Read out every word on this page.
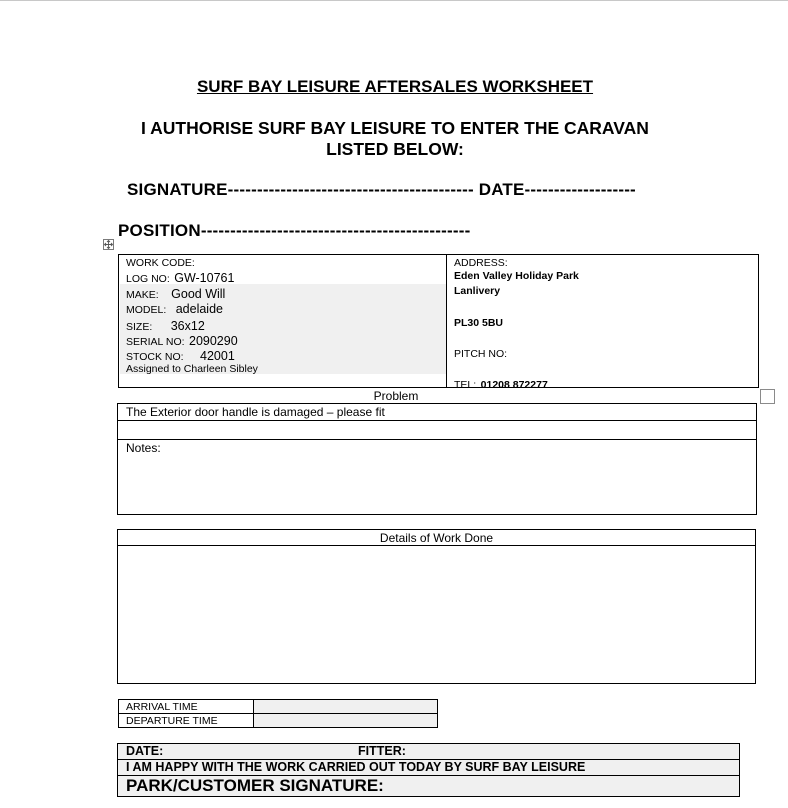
SURF BAY LEISURE AFTERSALES WORKSHEET
I AUTHORISE SURF BAY LEISURE TO ENTER THE CARAVAN
LISTED BELOW:
SIGNATURE------------------------------------------ DATE-------------------
POSITION----------------------------------------------
WORK CODE:
LOG NO: GW-10761
MAKE: Good Will
MODEL: adelaide
SIZE: 36x12
SERIAL NO: 2090290
STOCK NO: 42001
Assigned to Charleen Sibley
ADDRESS:
Eden Valley Holiday Park
Lanlivery
PL30 5BU
PITCH NO:
TEL: 01208 872277
Problem
The Exterior door handle is damaged – please fit
Notes:
Details of Work Done
ARRIVAL TIME
DEPARTURE TIME
DATE:	FITTER:
I AM HAPPY WITH THE WORK CARRIED OUT TODAY BY SURF BAY LEISURE
PARK/CUSTOMER SIGNATURE:
